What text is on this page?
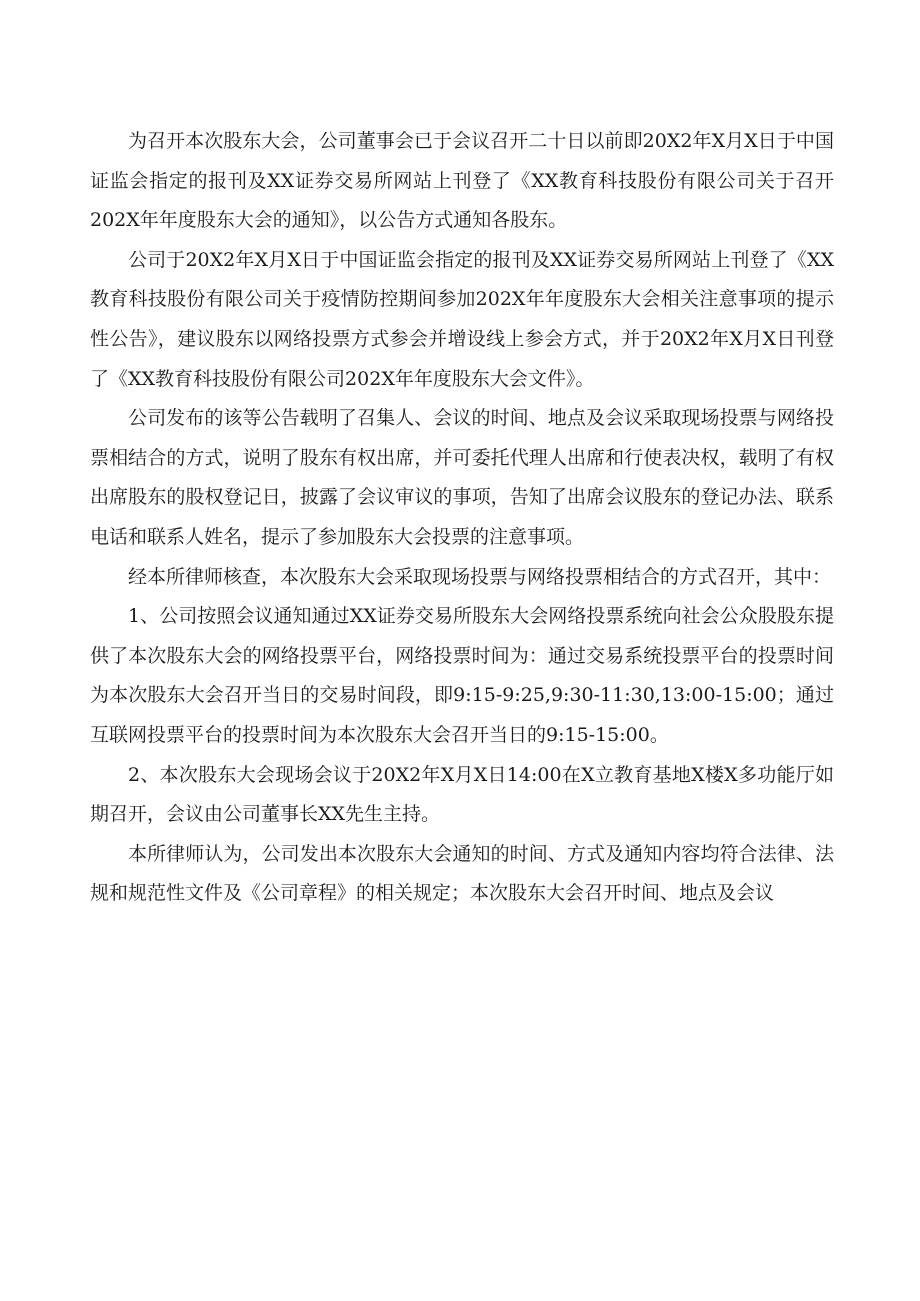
为召开本次股东大会，公司董事会已于会议召开二十日以前即20X2年X月X日于中国证监会指定的报刊及XX证券交易所网站上刊登了《XX教育科技股份有限公司关于召开202X年年度股东大会的通知》，以公告方式通知各股东。

公司于20X2年X月X日于中国证监会指定的报刊及XX证券交易所网站上刊登了《XX教育科技股份有限公司关于疫情防控期间参加202X年年度股东大会相关注意事项的提示性公告》，建议股东以网络投票方式参会并增设线上参会方式，并于20X2年X月X日刊登了《XX教育科技股份有限公司202X年年度股东大会文件》。

公司发布的该等公告载明了召集人、会议的时间、地点及会议采取现场投票与网络投票相结合的方式，说明了股东有权出席，并可委托代理人出席和行使表决权，载明了有权出席股东的股权登记日，披露了会议审议的事项，告知了出席会议股东的登记办法、联系电话和联系人姓名，提示了参加股东大会投票的注意事项。

经本所律师核查，本次股东大会采取现场投票与网络投票相结合的方式召开，其中：

1、公司按照会议通知通过XX证券交易所股东大会网络投票系统向社会公众股股东提供了本次股东大会的网络投票平台，网络投票时间为：通过交易系统投票平台的投票时间为本次股东大会召开当日的交易时间段，即9:15-9:25,9:30-11:30,13:00-15:00；通过互联网投票平台的投票时间为本次股东大会召开当日的9:15-15:00。

2、本次股东大会现场会议于20X2年X月X日14:00在X立教育基地X楼X多功能厅如期召开，会议由公司董事长XX先生主持。

本所律师认为，公司发出本次股东大会通知的时间、方式及通知内容均符合法律、法规和规范性文件及《公司章程》的相关规定；本次股东大会召开时间、地点及会议
